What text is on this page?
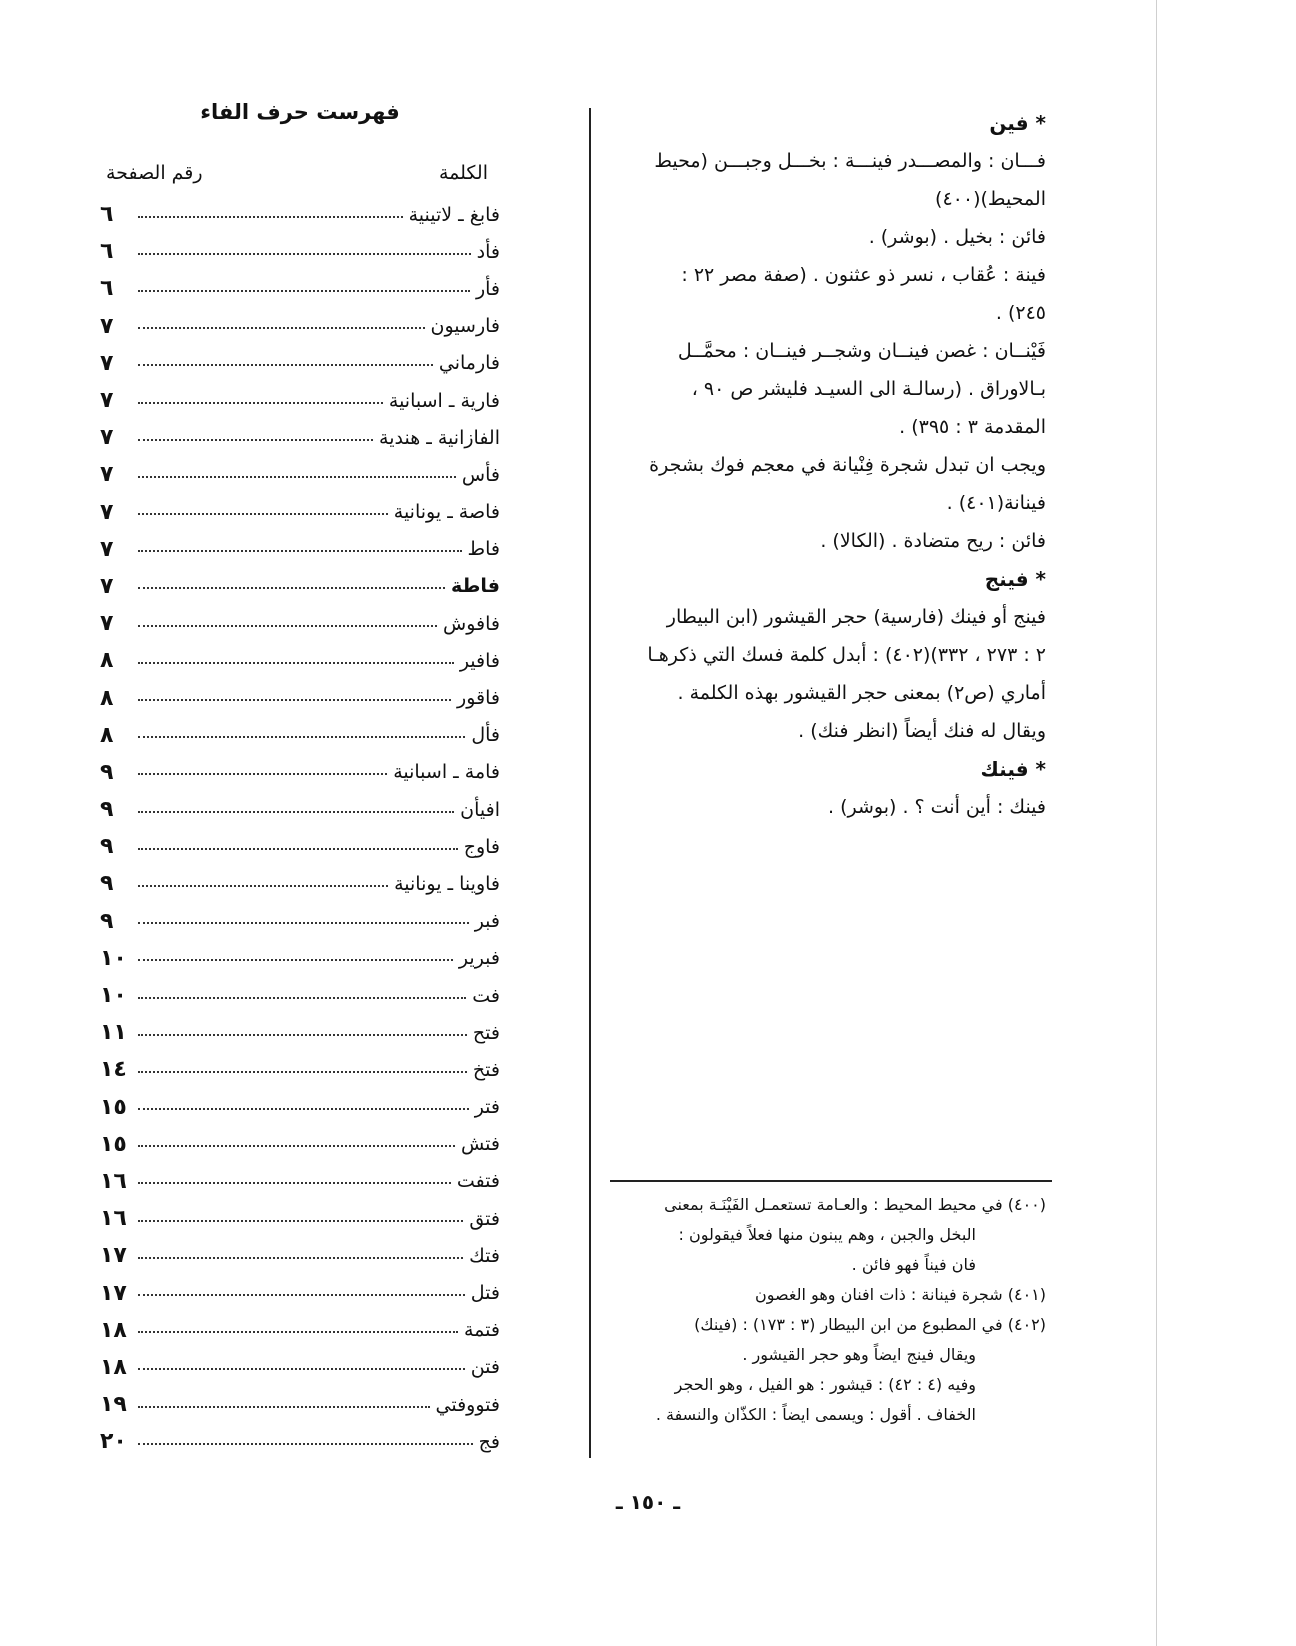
فهرست حرف الفاء
الكلمة
رقم الصفحة
فابغ ـ لاتينية
٦
فأد
٦
فأر
٦
فارسيون
٧
فارماني
٧
فارية ـ اسبانية
٧
الفازانية ـ هندية
٧
فأس
٧
فاصة ـ يونانية
٧
فاط
٧
فاطة
٧
فافوش
٧
فافير
٨
فاقور
٨
فأل
٨
فامة ـ اسبانية
٩
افيأن
٩
فاوج
٩
فاوينا ـ يونانية
٩
فبر
٩
فبرير
١٠
فت
١٠
فتح
١١
فتخ
١٤
فتر
١٥
فتش
١٥
فتفت
١٦
فتق
١٦
فتك
١٧
فتل
١٧
فتمة
١٨
فتن
١٨
فتووفتي
١٩
فج
٢٠
* فين
فـــان : والمصـــدر فينـــة : بخـــل وجبـــن (محيط
المحيط)(٤٠٠)
فائن : بخيل . (بوشر) .
فينة : عُقاب ، نسر ذو عثنون . (صفة مصر ٢٢ :
٢٤٥) .
فَيْنــان : غصن فينــان وشجــر فينــان : محمَّــل
بـالاوراق . (رسالـة الى السيـد فليشر ص ٩٠ ،
المقدمة ٣ : ٣٩٥) .
ويجب ان تبدل شجرة فِنْيانة في معجم فوك بشجرة
فينانة(٤٠١) .
فائن : ريح متضادة . (الكالا) .
* فينج
فينج أو فينك (فارسية) حجر القيشور (ابن البيطار
٢ : ٢٧٣ ، ٣٣٢)(٤٠٢) : أبدل كلمة فسك التي ذكرهـا
أماري (ص٢) بمعنى حجر القيشور بهذه الكلمة .
ويقال له فنك أيضاً (انظر فنك) .
* فينك
فينك : أين أنت ؟ . (بوشر) .
(٤٠٠) في محيط المحيط : والعـامة تستعمـل الفَيْنَـة بمعنى
البخل والجبن ، وهم يبنون منها فعلاً فيقولون :
فان فيناً فهو فائن .
(٤٠١) شجرة فينانة : ذات افنان وهو الغصون
(٤٠٢) في المطبوع من ابن البيطار (٣ : ١٧٣) : (فينك)
ويقال فينج ايضاً وهو حجر القيشور .
وفيه (٤ : ٤٢) : قيشور : هو الفيل ، وهو الحجر
الخفاف . أقول : ويسمى ايضاً : الكذّان والنسفة .
ـ ١٥٠ ـ
